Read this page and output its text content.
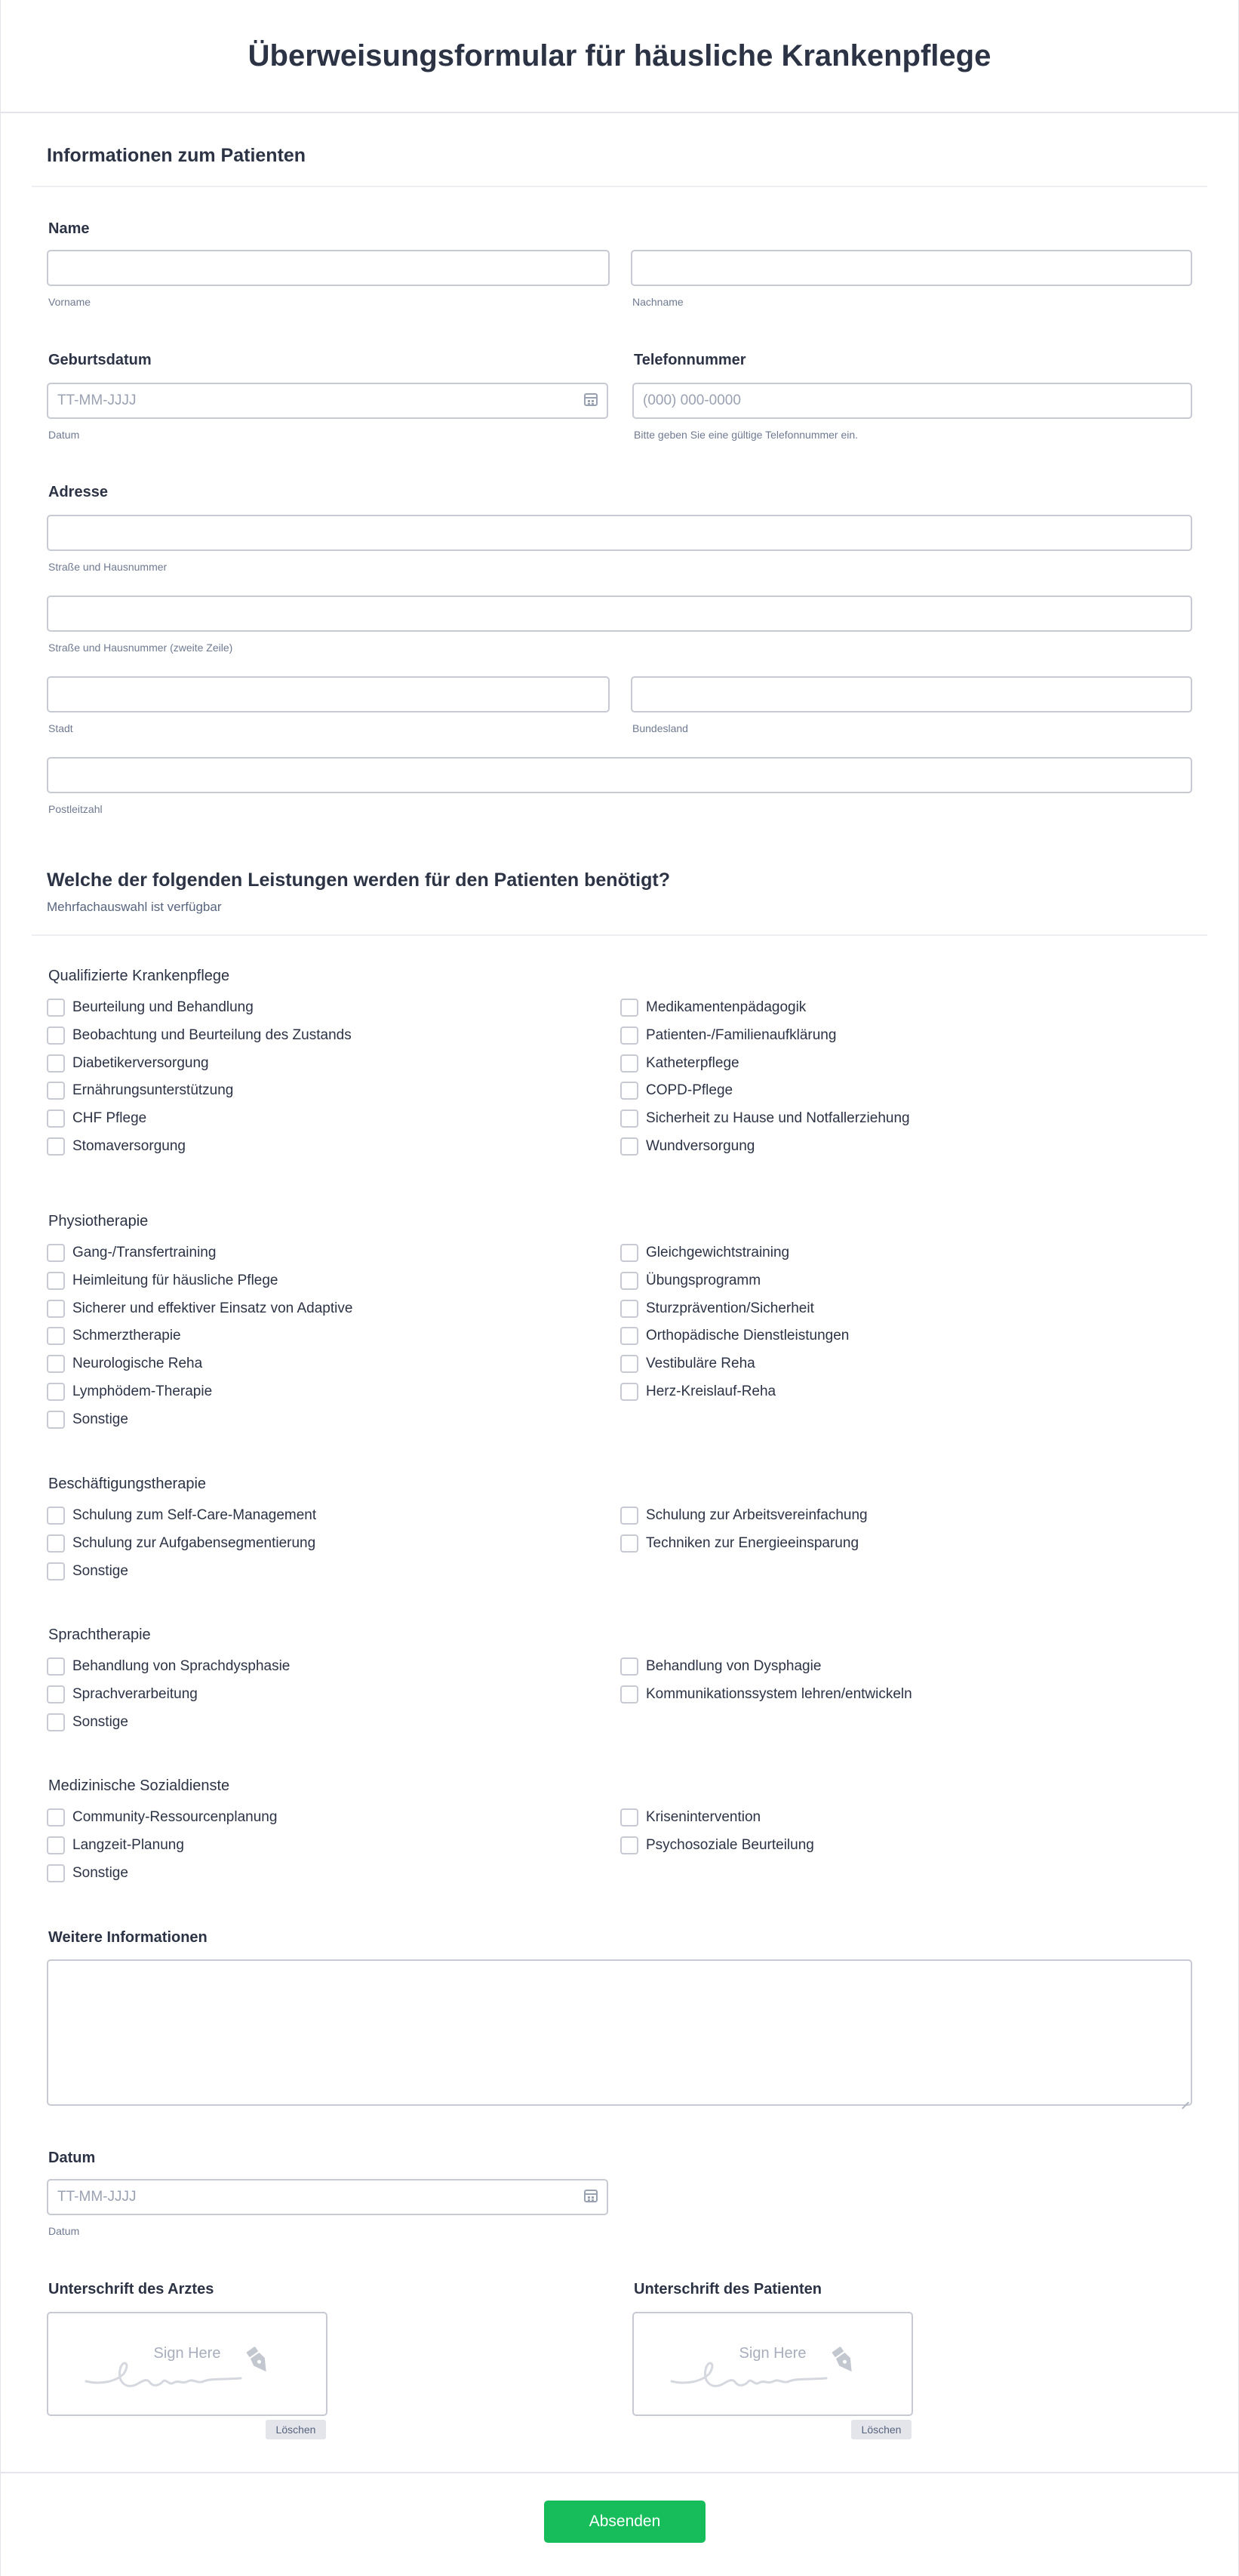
Überweisungsformular für häusliche Krankenpflege
Informationen zum Patienten
Name
Vorname	Nachname
Geburtsdatum
TT-MM-JJJJ
Datum
Telefonnummer
(000) 000-0000
Bitte geben Sie eine gültige Telefonnummer ein.
Adresse
Straße und Hausnummer
Straße und Hausnummer (zweite Zeile)
Stadt	Bundesland
Postleitzahl
Welche der folgenden Leistungen werden für den Patienten benötigt?
Mehrfachauswahl ist verfügbar
Qualifizierte Krankenpflege
Beurteilung und Behandlung
Beobachtung und Beurteilung des Zustands
Diabetikerversorgung
Ernährungsunterstützung
CHF Pflege
Stomaversorgung
Medikamentenpädagogik
Patienten-/Familienaufklärung
Katheterpflege
COPD-Pflege
Sicherheit zu Hause und Notfallerziehung
Wundversorgung
Physiotherapie
Gang-/Transfertraining
Heimleitung für häusliche Pflege
Sicherer und effektiver Einsatz von Adaptive
Schmerztherapie
Neurologische Reha
Lymphödem-Therapie
Sonstige
Gleichgewichtstraining
Übungsprogramm
Sturzprävention/Sicherheit
Orthopädische Dienstleistungen
Vestibuläre Reha
Herz-Kreislauf-Reha
Beschäftigungstherapie
Schulung zum Self-Care-Management
Schulung zur Aufgabensegmentierung
Sonstige
Schulung zur Arbeitsvereinfachung
Techniken zur Energieeinsparung
Sprachtherapie
Behandlung von Sprachdysphasie
Sprachverarbeitung
Sonstige
Behandlung von Dysphagie
Kommunikationssystem lehren/entwickeln
Medizinische Sozialdienste
Community-Ressourcenplanung
Langzeit-Planung
Sonstige
Krisenintervention
Psychosoziale Beurteilung
Weitere Informationen
Datum
TT-MM-JJJJ
Datum
Unterschrift des Arztes
Sign Here
Löschen
Unterschrift des Patienten
Sign Here
Löschen
Absenden
